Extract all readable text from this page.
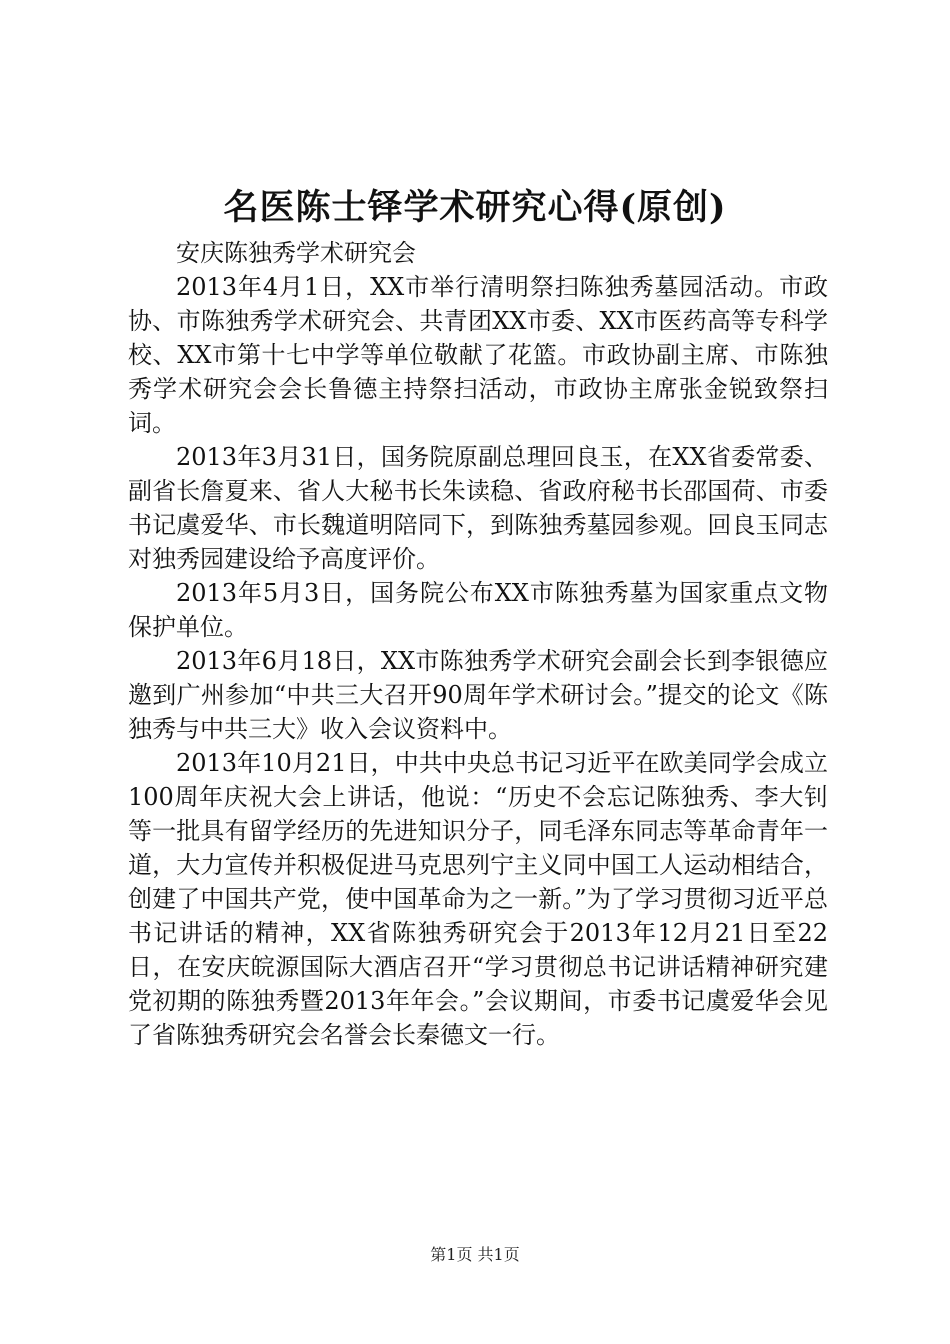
名医陈士铎学术研究心得(原创)

安庆陈独秀学术研究会

2013年4月1日，XX市举行清明祭扫陈独秀墓园活动。市政协、市陈独秀学术研究会、共青团XX市委、XX市医药高等专科学校、XX市第十七中学等单位敬献了花篮。市政协副主席、市陈独秀学术研究会会长鲁德主持祭扫活动，市政协主席张金锐致祭扫词。

2013年3月31日，国务院原副总理回良玉，在XX省委常委、副省长詹夏来、省人大秘书长朱读稳、省政府秘书长邵国荷、市委书记虞爱华、市长魏道明陪同下，到陈独秀墓园参观。回良玉同志对独秀园建设给予高度评价。

2013年5月3日，国务院公布XX市陈独秀墓为国家重点文物保护单位。

2013年6月18日，XX市陈独秀学术研究会副会长到李银德应邀到广州参加“中共三大召开90周年学术研讨会。”提交的论文《陈独秀与中共三大》收入会议资料中。

2013年10月21日，中共中央总书记习近平在欧美同学会成立100周年庆祝大会上讲话，他说：“历史不会忘记陈独秀、李大钊等一批具有留学经历的先进知识分子，同毛泽东同志等革命青年一道，大力宣传并积极促进马克思列宁主义同中国工人运动相结合，创建了中国共产党，使中国革命为之一新。”为了学习贯彻习近平总书记讲话的精神，XX省陈独秀研究会于2013年12月21日至22日，在安庆皖源国际大酒店召开“学习贯彻总书记讲话精神研究建党初期的陈独秀暨2013年年会。”会议期间，市委书记虞爱华会见了省陈独秀研究会名誉会长秦德文一行。

第1页 共1页
